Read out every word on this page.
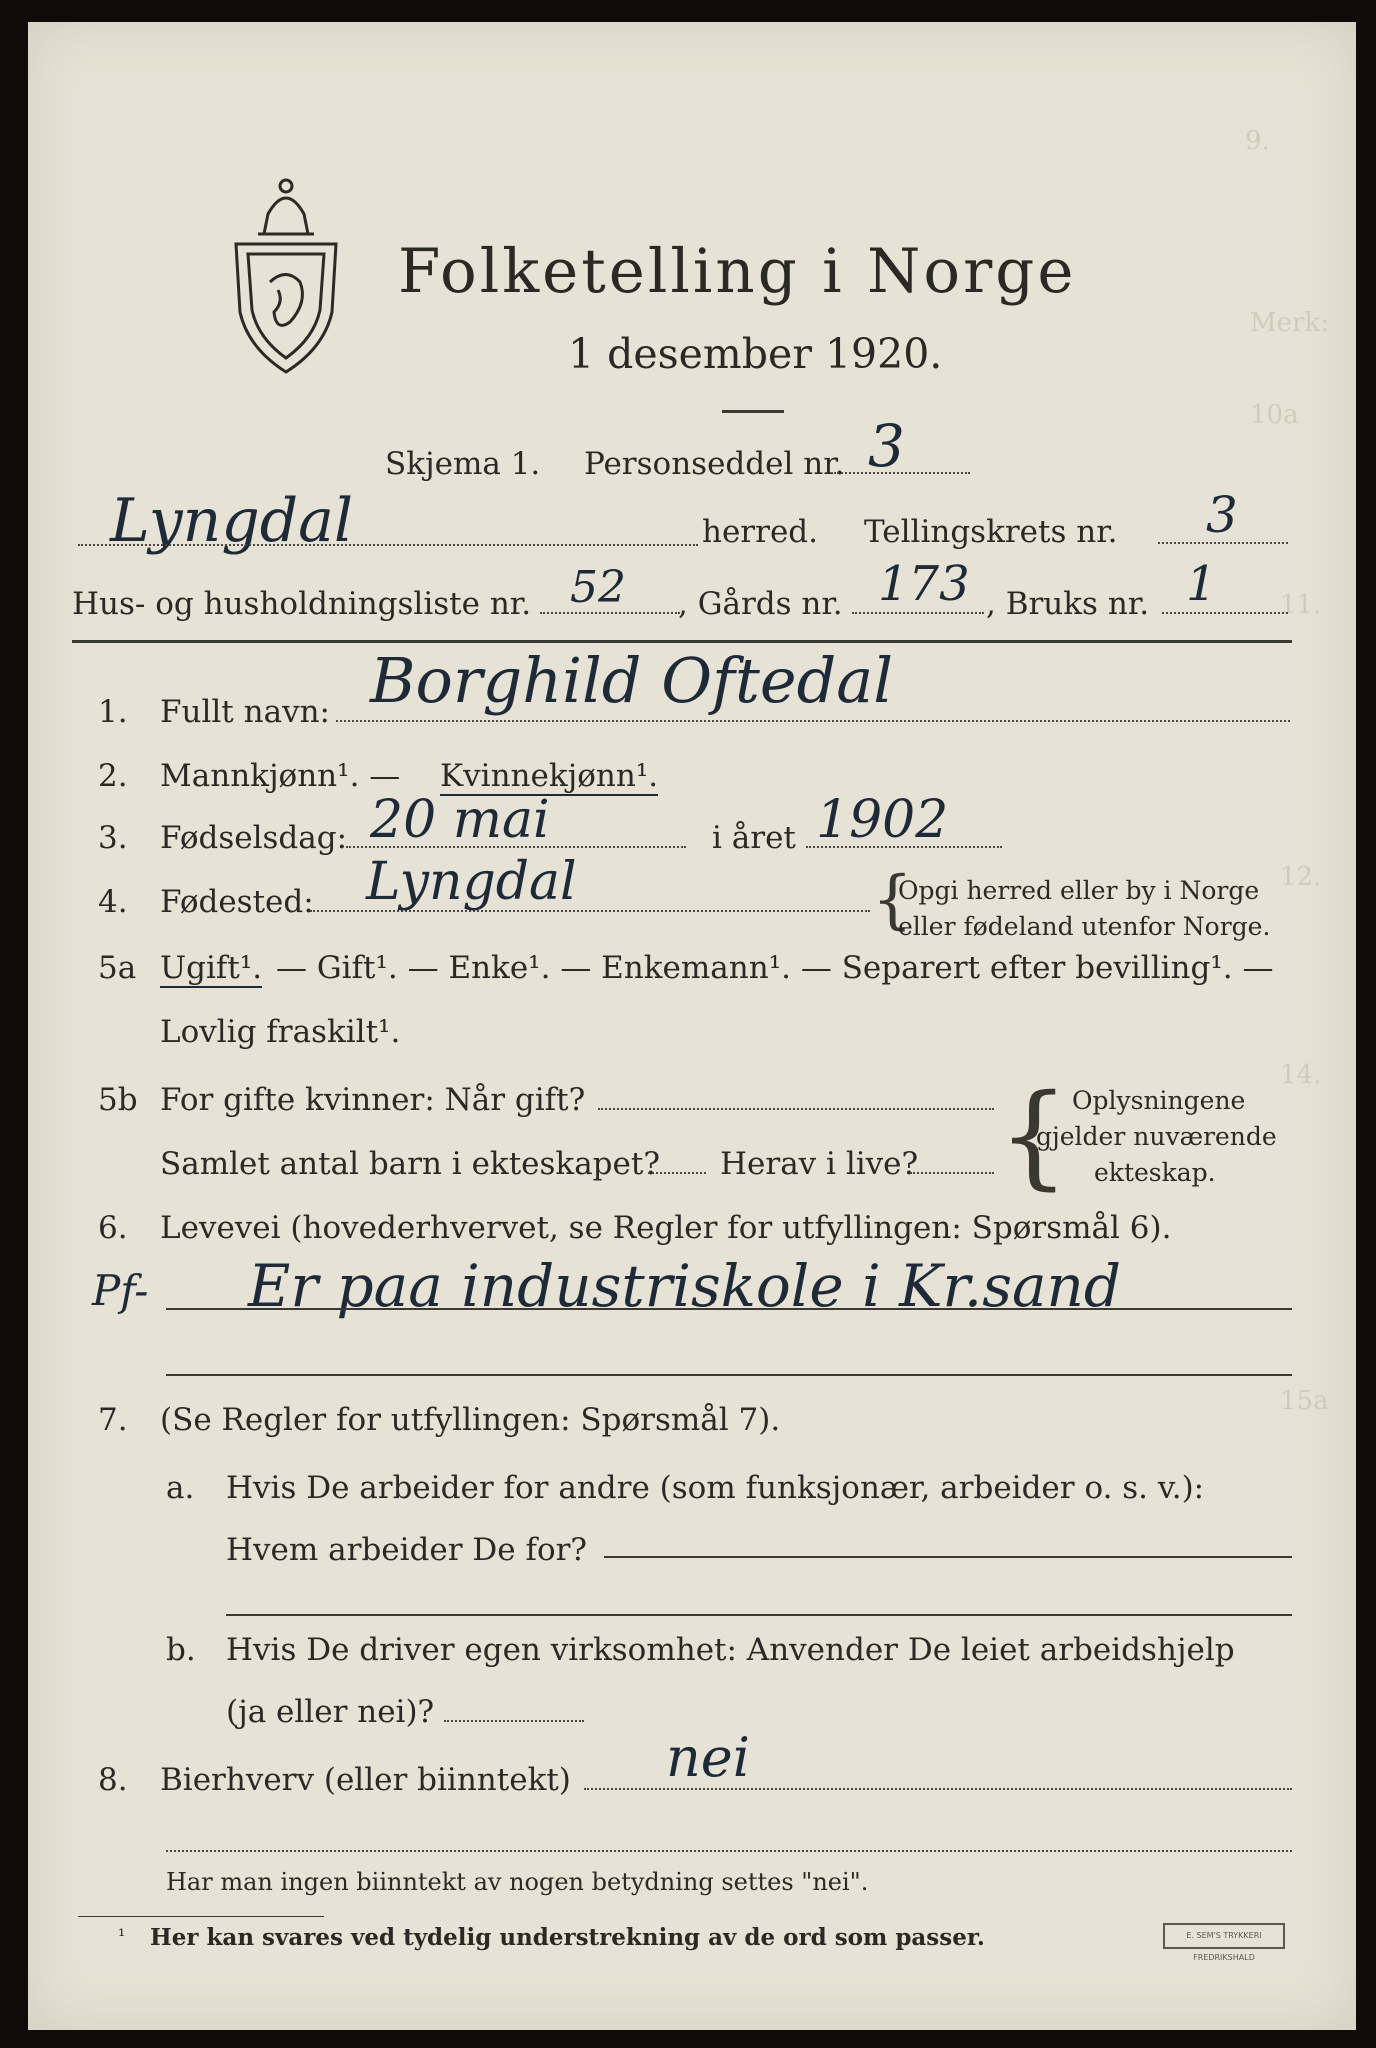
9.
Merk:
10a
11.
12.
14.
15a
Folketelling i Norge
1 desember 1920.
Skjema 1. Personseddel nr. 3
Lyngdal	herred. Tellingskrets nr. 3
Hus- og husholdningsliste nr. 52 , Gårds nr. 173 , Bruks nr. 1
1. Fullt navn: Borghild Oftedal
2. Mannkjønn¹. — Kvinnekjønn¹.
3. Fødselsdag: 20 mai	i året 1902
4. Fødested: Lyngdal	{
Opgi herred eller by i Norge
eller fødeland utenfor Norge.
5a Ugift¹. — Gift¹. — Enke¹. — Enkemann¹. — Separert efter bevilling¹. —
Lovlig fraskilt¹.
5b For gifte kvinner: Når gift?
Samlet antal barn i ekteskapet? Herav i live? { Oplysningene
gjelder nuværende
ekteskap.
6. Levevei (hovederhvervet, se Regler for utfyllingen: Spørsmål 6).
Pf- Er paa industriskole i Kr.sand
7. (Se Regler for utfyllingen: Spørsmål 7).
a. Hvis De arbeider for andre (som funksjonær, arbeider o. s. v.):
Hvem arbeider De for?
b. Hvis De driver egen virksomhet: Anvender De leiet arbeidshjelp
(ja eller nei)?
8. Bierhverv (eller biinntekt) nei
Har man ingen biinntekt av nogen betydning settes "nei".
¹ Her kan svares ved tydelig understrekning av de ord som passer.	E. SEM'S TRYKKERI FREDRIKSHALD
